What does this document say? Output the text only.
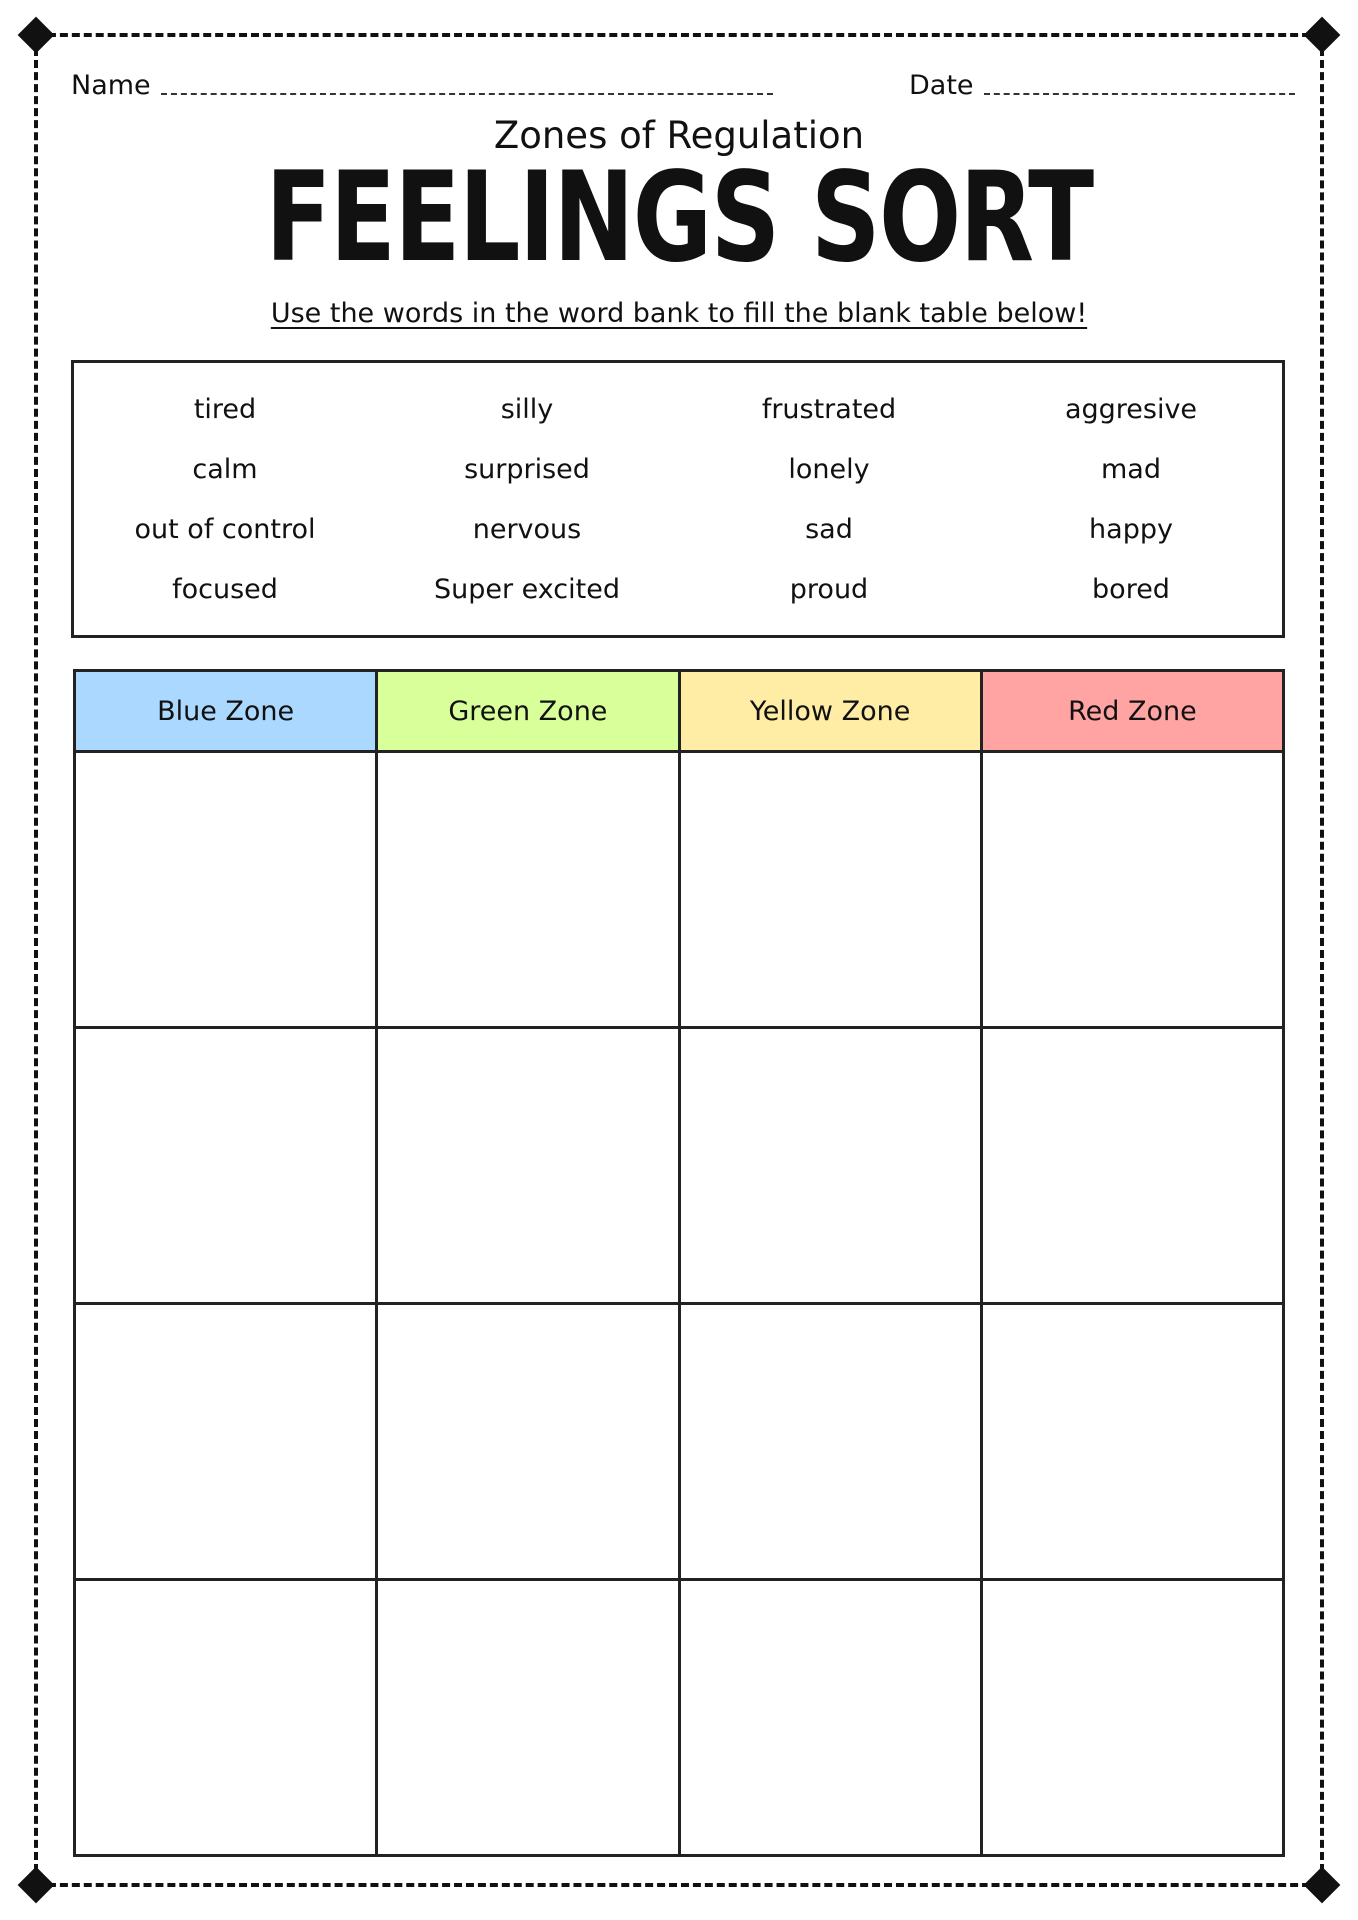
Name	Date
Zones of Regulation
FEELINGS SORT
Use the words in the word bank to fill the blank table below!
tired	silly	frustrated	aggresive
calm	surprised	lonely	mad
out of control	nervous	sad	happy
focused	Super excited	proud	bored
Blue Zone	Green Zone	Yellow Zone	Red Zone
